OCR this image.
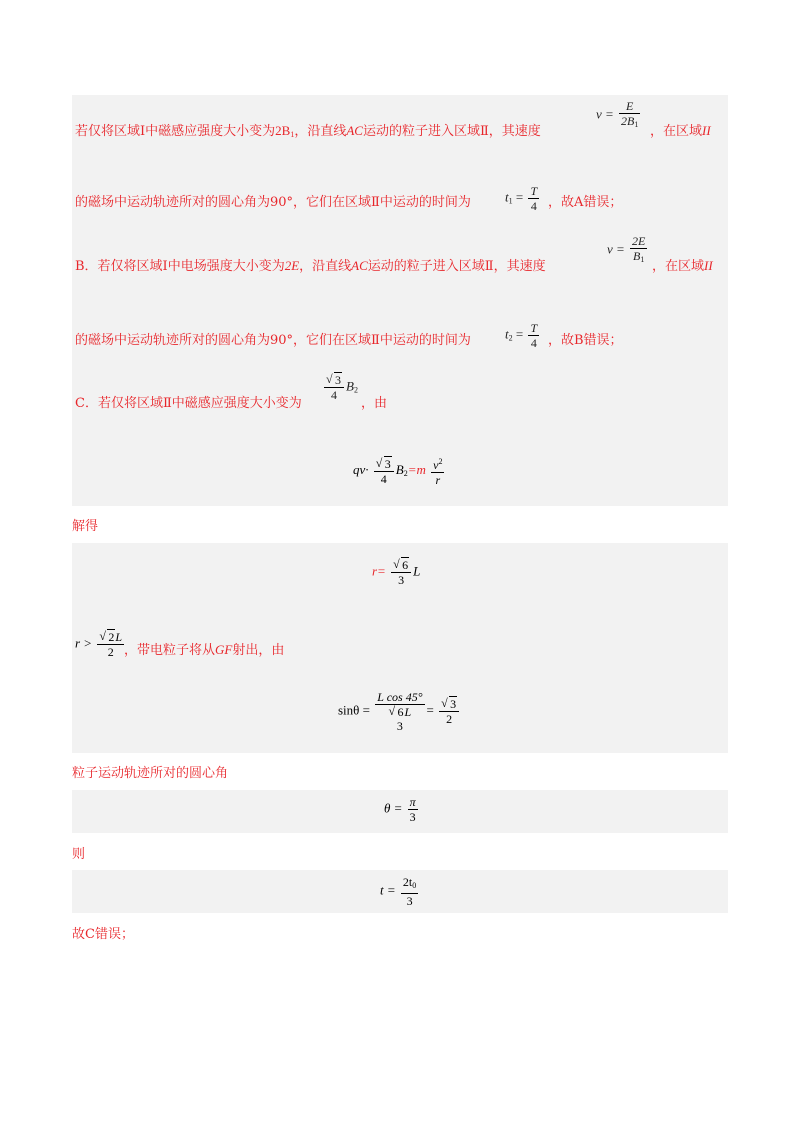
若仅将区域Ⅰ中磁感应强度大小变为$2B_1$，沿直线AC运动的粒子进入区域Ⅱ，其速度
$v = \frac{E}{2B_1}$ ，在区域II
的磁场中运动轨迹所对的圆心角为90°，它们在区域Ⅱ中运动的时间为	$t_1 = \frac{T}{4}$ ，故A错误；
B．若仅将区域Ⅰ中电场强度大小变为2E，沿直线AC运动的粒子进入区域Ⅱ，其速度
$v = \frac{2E}{B_1}$ ，在区域II
的磁场中运动轨迹所对的圆心角为90°，它们在区域Ⅱ中运动的时间为	$t_2 = \frac{T}{4}$ ，故B错误；
C．若仅将区域Ⅱ中磁感应强度大小变为
√ $\frac{3}{4} B_2$
，由
qv· √ $\frac{3}{4} B_2=m \frac{v^2}{r}$
解得
r= √ $\frac{6}{3}$ L
r > √ $\frac{2L}{2}$ ，带电粒子将从GF射出，由
sinθ =
L cos 45°
√ 6L
3
= √ $\frac{3}{2}$
粒子运动轨迹所对的圆心角
$\theta = \frac{\pi}{3}$
则
$t = \frac{2t_0}{3}$
故C错误；
